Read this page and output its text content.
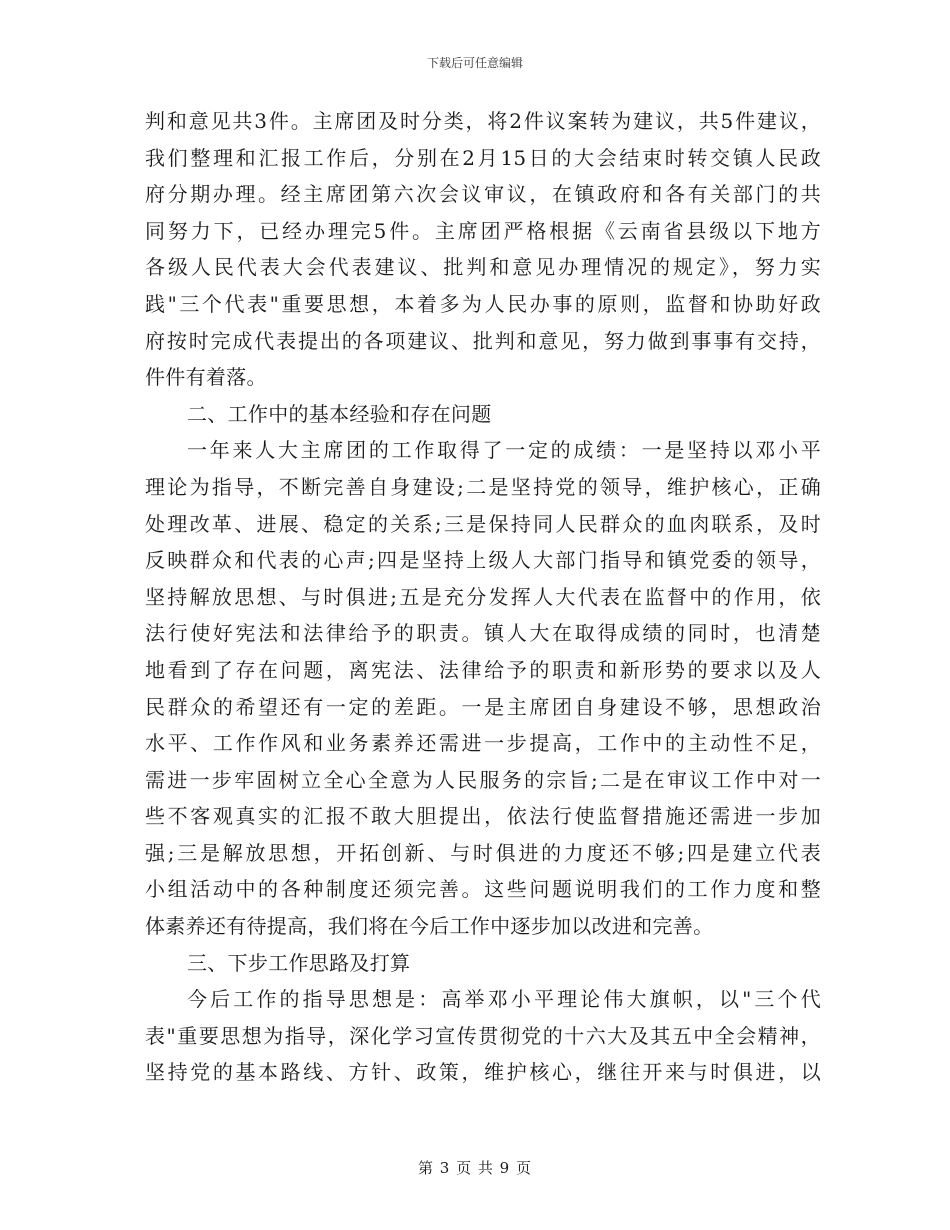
下载后可任意编辑
判和意见共3件。主席团及时分类，将2件议案转为建议，共5件建议，
我们整理和汇报工作后，分别在2月15日的大会结束时转交镇人民政
府分期办理。经主席团第六次会议审议，在镇政府和各有关部门的共
同努力下，已经办理完5件。主席团严格根据《云南省县级以下地方
各级人民代表大会代表建议、批判和意见办理情况的规定》，努力实
践"三个代表"重要思想，本着多为人民办事的原则，监督和协助好政
府按时完成代表提出的各项建议、批判和意见，努力做到事事有交持，
件件有着落。
二、工作中的基本经验和存在问题
一年来人大主席团的工作取得了一定的成绩：一是坚持以邓小平
理论为指导，不断完善自身建设;二是坚持党的领导，维护核心，正确
处理改革、进展、稳定的关系;三是保持同人民群众的血肉联系，及时
反映群众和代表的心声;四是坚持上级人大部门指导和镇党委的领导，
坚持解放思想、与时俱进;五是充分发挥人大代表在监督中的作用，依
法行使好宪法和法律给予的职责。镇人大在取得成绩的同时，也清楚
地看到了存在问题，离宪法、法律给予的职责和新形势的要求以及人
民群众的希望还有一定的差距。一是主席团自身建设不够，思想政治
水平、工作作风和业务素养还需进一步提高，工作中的主动性不足，
需进一步牢固树立全心全意为人民服务的宗旨;二是在审议工作中对一
些不客观真实的汇报不敢大胆提出，依法行使监督措施还需进一步加
强;三是解放思想，开拓创新、与时俱进的力度还不够;四是建立代表
小组活动中的各种制度还须完善。这些问题说明我们的工作力度和整
体素养还有待提高，我们将在今后工作中逐步加以改进和完善。
三、下步工作思路及打算
今后工作的指导思想是：高举邓小平理论伟大旗帜，以"三个代
表"重要思想为指导，深化学习宣传贯彻党的十六大及其五中全会精神，
坚持党的基本路线、方针、政策，维护核心，继往开来与时俱进，以
第 3 页 共 9 页
